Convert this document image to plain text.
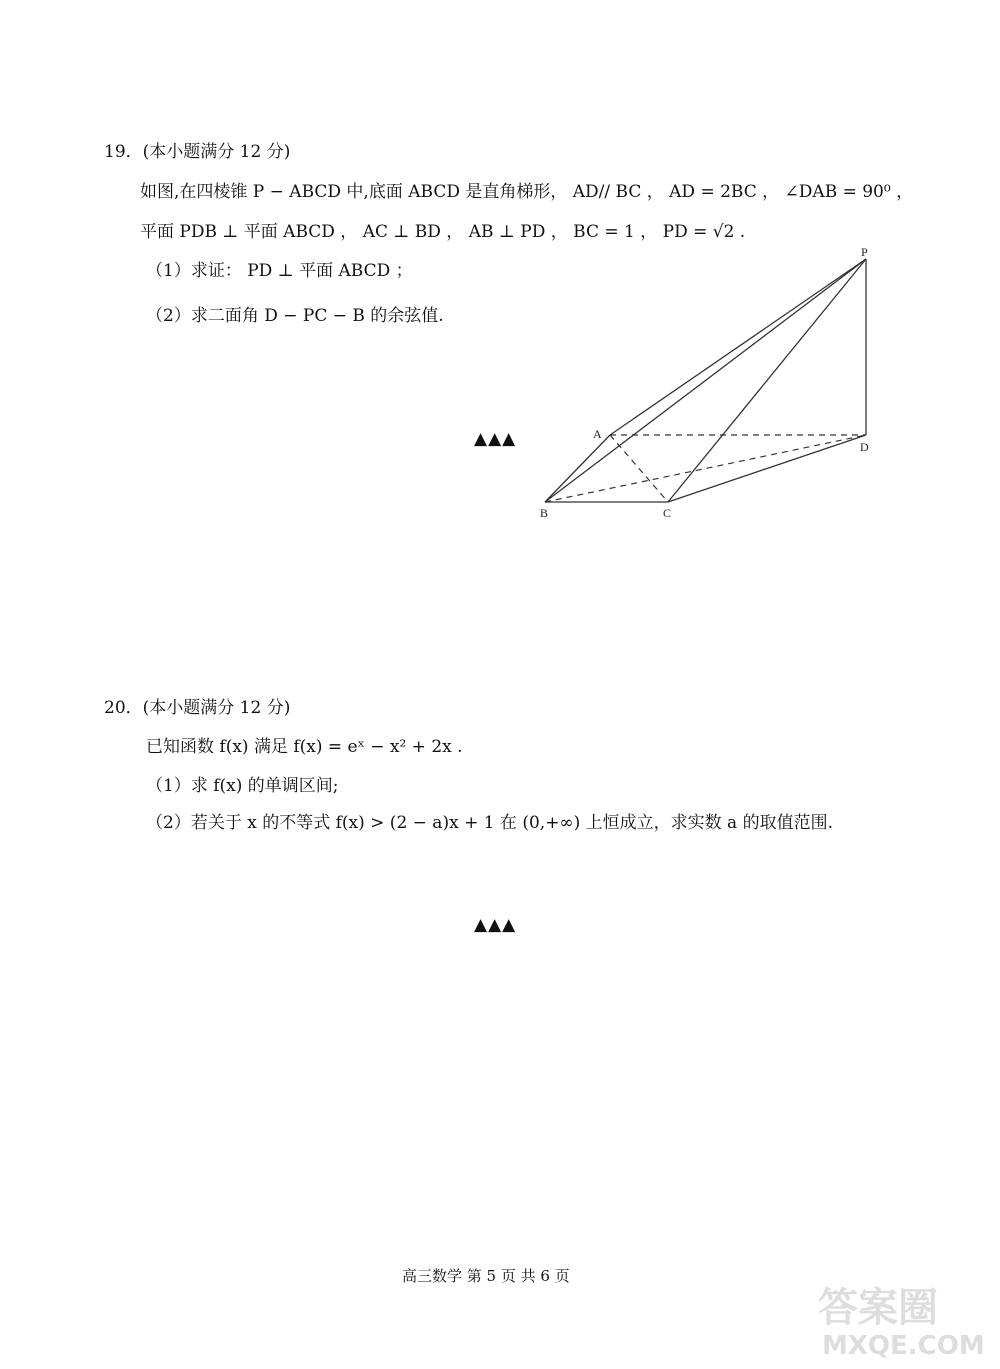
19．(本小题满分 12 分)
如图,在四棱锥 P − ABCD 中,底面 ABCD 是直角梯形， AD// BC ， AD = 2BC ， ∠DAB = 90⁰ ，
平面 PDB ⊥ 平面 ABCD ， AC ⊥ BD ， AB ⊥ PD ， BC = 1 ， PD = √2 .
（1）求证： PD ⊥ 平面 ABCD ；
（2）求二面角 D − PC − B 的余弦值.
▲▲▲
P
A
B	C
D
20．(本小题满分 12 分)
已知函数 f(x) 满足 f(x) = eˣ − x² + 2x .
（1）求 f(x) 的单调区间;
（2）若关于 x 的不等式 f(x) > (2 − a)x + 1 在 (0,+∞) 上恒成立，求实数 a 的取值范围.
▲▲▲
高三数学 第 5 页 共 6 页
答案圈
MXQE.COM
